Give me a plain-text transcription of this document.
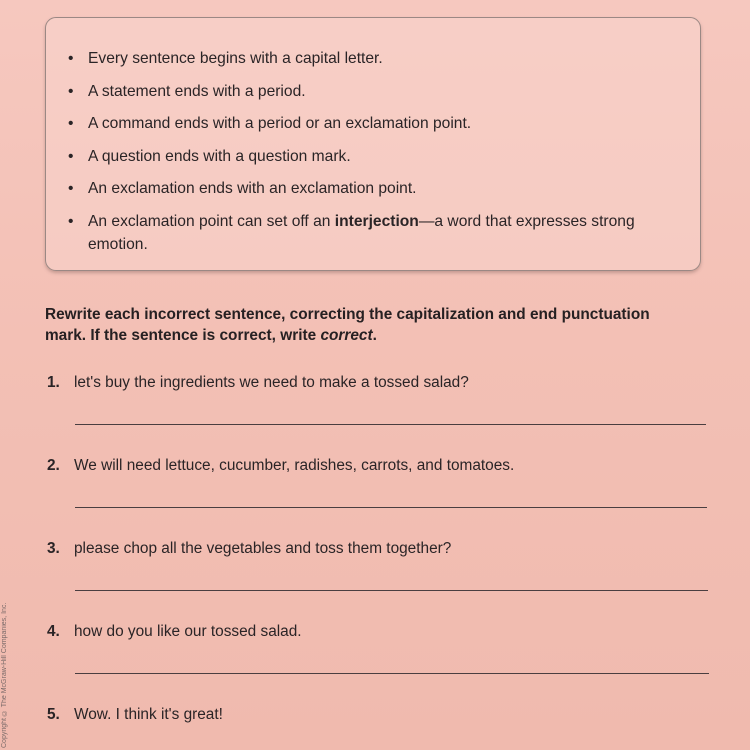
• Every sentence begins with a capital letter.
• A statement ends with a period.
• A command ends with a period or an exclamation point.
• A question ends with a question mark.
• An exclamation ends with an exclamation point.
• An exclamation point can set off an interjection—a word that expresses strong emotion.
Rewrite each incorrect sentence, correcting the capitalization and end punctuation mark. If the sentence is correct, write correct.
1. let's buy the ingredients we need to make a tossed salad?
2. We will need lettuce, cucumber, radishes, carrots, and tomatoes.
3. please chop all the vegetables and toss them together?
4. how do you like our tossed salad.
5. Wow. I think it's great!
Copyright © The McGraw-Hill Companies, Inc.
